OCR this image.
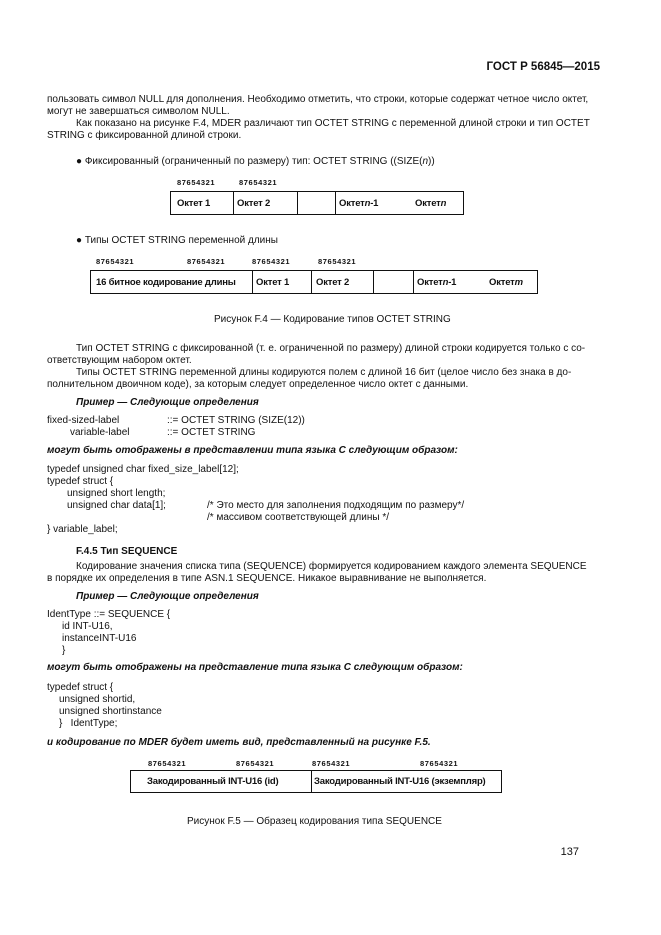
ГОСТ Р 56845—2015
пользовать символ NULL для дополнения. Необходимо отметить, что строки, которые содержат четное число октет,
могут не завершаться символом NULL.
Как показано на рисунке F.4, MDER различают тип OCTET STRING с переменной длиной строки и тип OCTET
STRING с фиксированной длиной строки.
● Фиксированный (ограниченный по размеру) тип: OCTET STRING ((SIZE(n))
87654321	87654321
Октет 1	Октет 2	Октет n -1	Октет n
● Типы OCTET STRING переменной длины
87654321	87654321	87654321	87654321
16 битное кодирование длины	Октет 1	Октет 2	Октет n -1	Октет m
Рисунок F.4 — Кодирование типов OCTET STRING
Тип OCTET STRING с фиксированной (т. е. ограниченной по размеру) длиной строки кодируется только с со-
ответствующим набором октет.
Типы OCTET STRING переменной длины кодируются полем с длиной 16 бит (целое число без знака в до-
полнительном двоичном коде), за которым следует определенное число октет с данными.
Пример — Следующие определения
fixed-sized-label	::= OCTET STRING (SIZE(12))
variable-label	::= OCTET STRING
могут быть отображены в представлении типа языка С следующим образом:
typedef unsigned char fixed_size_label[12];
typedef struct {
unsigned short length;
unsigned char data[1];	/* Это место для заполнения подходящим по размеру*/
/* массивом соответствующей длины */
} variable_label;
F.4.5 Тип SEQUENCE
Кодирование значения списка типа (SEQUENCE) формируется кодированием каждого элемента SEQUENCE
в порядке их определения в типе ASN.1 SEQUENCE. Никакое выравнивание не выполняется.
Пример — Следующие определения
IdentType ::= SEQUENCE {
id INT-U16,
instanceINT-U16
}
могут быть отображены на представление типа языка С следующим образом:
typedef struct {
unsigned shortid,
unsigned shortinstance
}   IdentType;
и кодирование по MDER будет иметь вид, представленный на рисунке F.5.
87654321	87654321	87654321	87654321
Закодированный INT-U16 (id)	Закодированный INT-U16 (экземпляр)
Рисунок F.5 — Образец кодирования типа SEQUENCE
137
